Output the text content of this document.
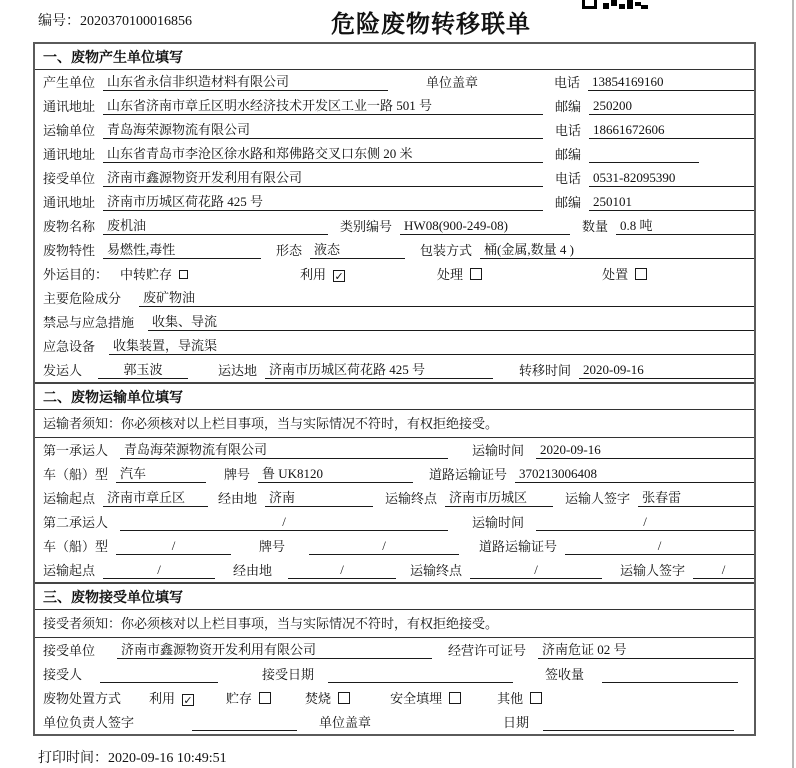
编号：2020370100016856	危险废物转移联单
一、废物产生单位填写
产生单位 山东省永信非织造材料有限公司	单位盖章	电话 13854169160
通讯地址 山东省济南市章丘区明水经济技术开发区工业一路 501 号	邮编 250200
运输单位 青岛海荣源物流有限公司	电话 18661672606
通讯地址 山东省青岛市李沧区徐水路和郑佛路交叉口东侧 20 米	邮编
接受单位 济南市鑫源物资开发利用有限公司	电话 0531-82095390
通讯地址 济南市历城区荷花路 425 号	邮编 250101
废物名称 废机油	类别编号 HW08(900-249-08)	数量 0.8 吨
废物特性 易燃性,毒性	形态 液态	包装方式 桶(金属,数量 4 )
外运目的： 中转贮存	利用 ✓	处理	处置
主要危险成分	废矿物油
禁忌与应急措施	收集、导流
应急设备	收集装置，导流渠
发运人	郭玉波	运达地 济南市历城区荷花路 425 号	转移时间 2020-09-16
二、废物运输单位填写
运输者须知：你必须核对以上栏目事项，当与实际情况不符时，有权拒绝接受。
第一承运人	青岛海荣源物流有限公司	运输时间	2020-09-16
车（船）型 汽车	牌号 鲁 UK8120	道路运输证号 370213006408
运输起点 济南市章丘区	经由地 济南	运输终点 济南市历城区	运输人签字 张春雷
第二承运人	/	运输时间	/
车（船）型	/	牌号	/	道路运输证号	/
运输起点	/	经由地	/	运输终点	/	运输人签字	/
三、废物接受单位填写
接受者须知：你必须核对以上栏目事项，当与实际情况不符时，有权拒绝接受。
接受单位	济南市鑫源物资开发利用有限公司	经营许可证号	济南危证 02 号
接受人	接受日期	签收量
废物处置方式 利用 ✓	贮存	焚烧	安全填埋	其他
单位负责人签字	单位盖章	日期
打印时间：2020-09-16 10:49:51
